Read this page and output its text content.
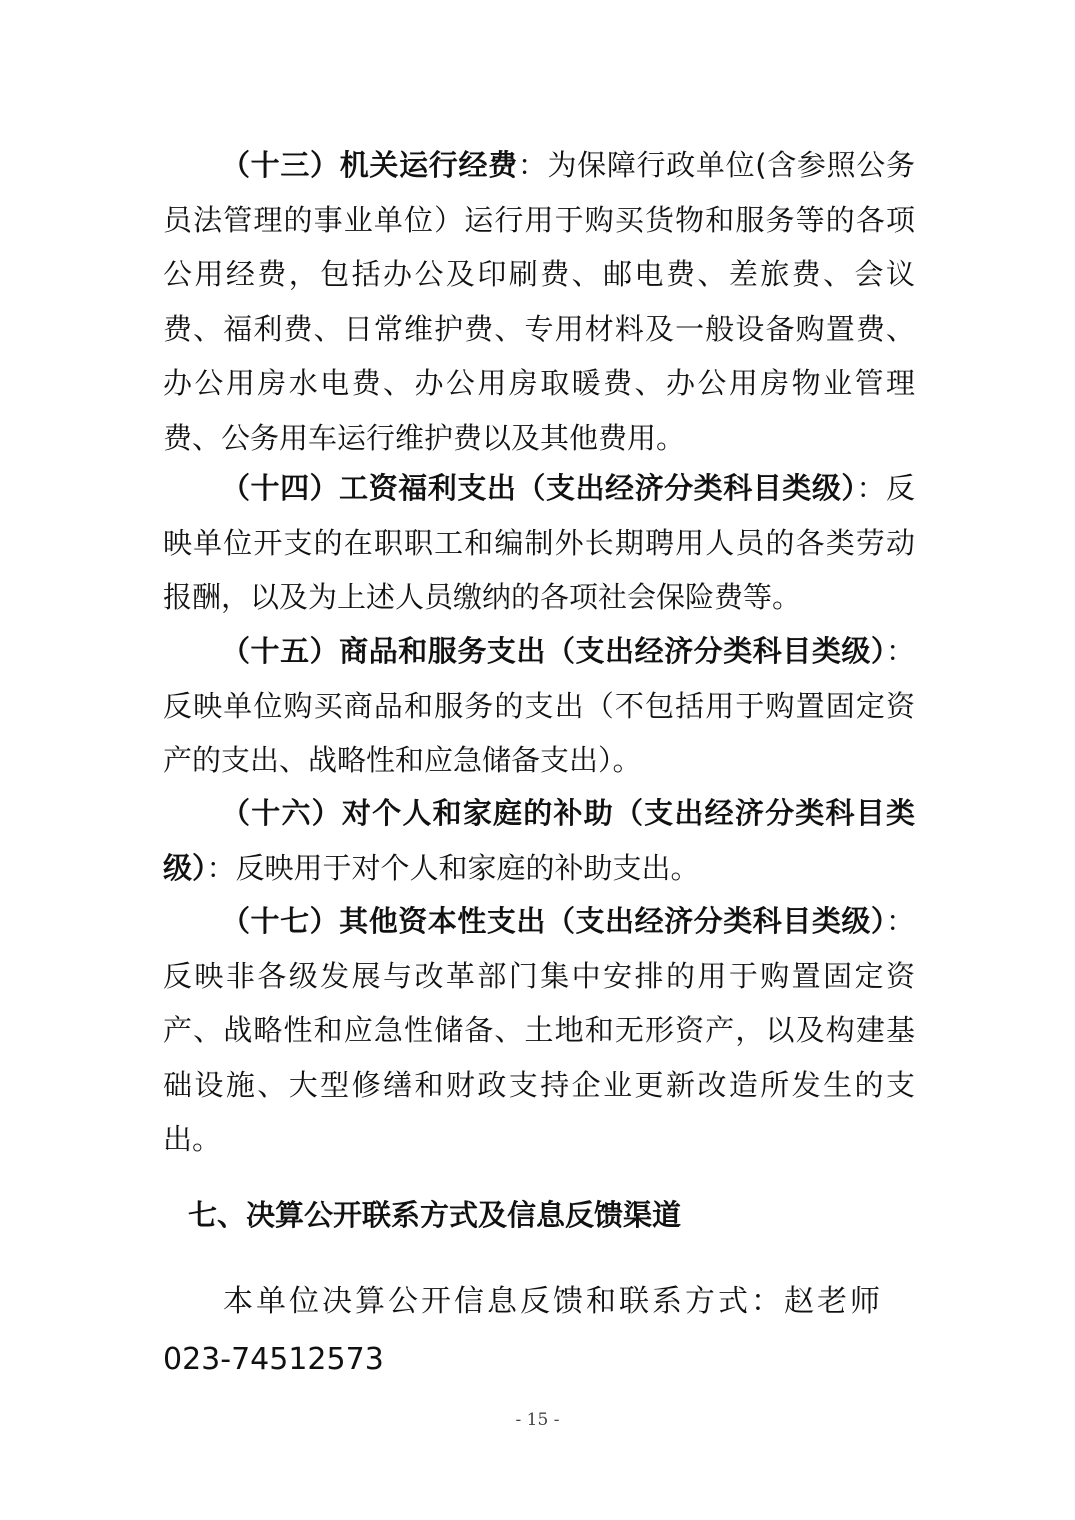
（十三）机关运行经费：为保障行政单位(含参照公务员法管理的事业单位）运行用于购买货物和服务等的各项公用经费，包括办公及印刷费、邮电费、差旅费、会议费、福利费、日常维护费、专用材料及一般设备购置费、办公用房水电费、办公用房取暖费、办公用房物业管理费、公务用车运行维护费以及其他费用。

（十四）工资福利支出（支出经济分类科目类级）：反映单位开支的在职职工和编制外长期聘用人员的各类劳动报酬，以及为上述人员缴纳的各项社会保险费等。

（十五）商品和服务支出（支出经济分类科目类级）：反映单位购买商品和服务的支出（不包括用于购置固定资产的支出、战略性和应急储备支出）。

（十六）对个人和家庭的补助（支出经济分类科目类级）：反映用于对个人和家庭的补助支出。

（十七）其他资本性支出（支出经济分类科目类级）：反映非各级发展与改革部门集中安排的用于购置固定资产、战略性和应急性储备、土地和无形资产，以及构建基础设施、大型修缮和财政支持企业更新改造所发生的支出。

七、决算公开联系方式及信息反馈渠道

本单位决算公开信息反馈和联系方式：赵老师
023-74512573

- 15 -
